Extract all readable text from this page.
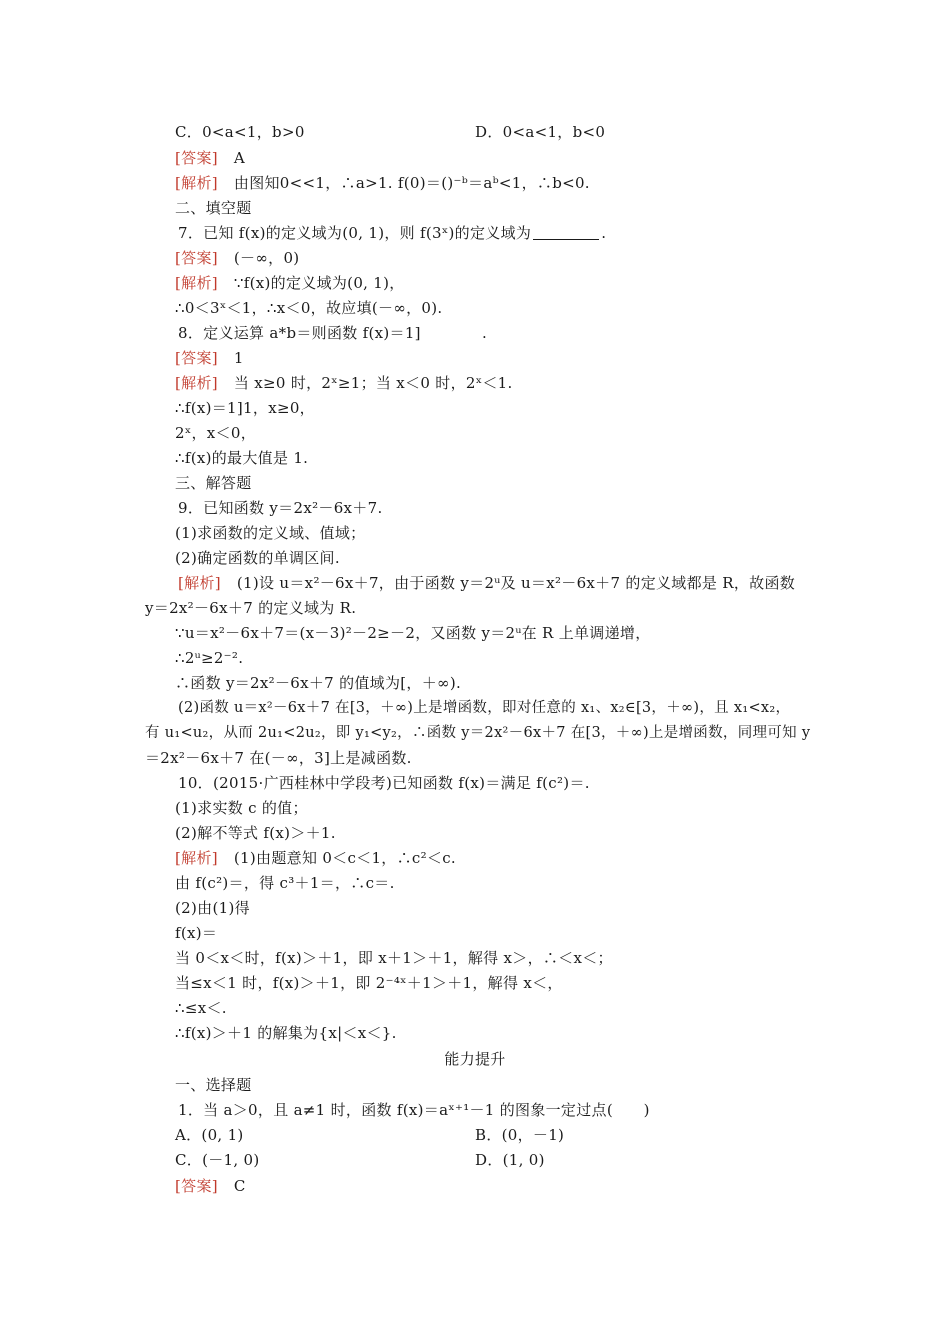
C．0<a<1，b>0	D．0<a<1，b<0
[答案] A
[解析] 由图知0<<1，∴a>1. f(0)＝()⁻ᵇ＝aᵇ<1，∴b<0.
二、填空题
7．已知 f(x)的定义域为(0, 1)，则 f(3ˣ)的定义域为	.
[答案] (－∞，0)
[解析] ∵f(x)的定义域为(0, 1)，
∴0＜3ˣ＜1，∴x＜0，故应填(－∞，0).
8．定义运算 a*b＝则函数 f(x)＝1]　　　　.
[答案] 1
[解析] 当 x≥0 时，2ˣ≥1；当 x＜0 时，2ˣ＜1.
∴f(x)＝1]1，x≥0，
2ˣ，x＜0，
∴f(x)的最大值是 1.
三、解答题
9．已知函数 y＝2x²－6x＋7.
(1)求函数的定义域、值域；
(2)确定函数的单调区间.
[解析] (1)设 u＝x²－6x＋7，由于函数 y＝2ᵘ及 u＝x²－6x＋7 的定义域都是 R，故函数
y＝2x²－6x＋7 的定义域为 R.
∵u＝x²－6x＋7＝(x－3)²－2≥－2，又函数 y＝2ᵘ在 R 上单调递增，
∴2ᵘ≥2⁻².
∴函数 y＝2x²－6x＋7 的值域为[，＋∞).
(2)函数 u＝x²－6x＋7 在[3，＋∞)上是增函数，即对任意的 x₁、x₂∈[3，＋∞)，且 x₁<x₂，
有 u₁<u₂，从而 2u₁<2u₂，即 y₁<y₂，∴函数 y＝2x²－6x＋7 在[3，＋∞)上是增函数，同理可知 y
＝2x²－6x＋7 在(－∞，3]上是减函数.
10．(2015·广西桂林中学段考)已知函数 f(x)＝满足 f(c²)＝.
(1)求实数 c 的值；
(2)解不等式 f(x)＞＋1.
[解析] (1)由题意知 0＜c＜1，∴c²＜c.
由 f(c²)＝，得 c³＋1＝，∴c＝.
(2)由(1)得
f(x)＝
当 0＜x＜时，f(x)＞＋1，即 x＋1＞＋1，解得 x＞，∴＜x＜；
当≤x＜1 时，f(x)＞＋1，即 2⁻⁴ˣ＋1＞＋1，解得 x＜，
∴≤x＜.
∴f(x)＞＋1 的解集为{x|＜x＜}.
能力提升
一、选择题
1．当 a＞0，且 a≠1 时，函数 f(x)＝aˣ⁺¹－1 的图象一定过点(　　)
A．(0, 1)	B．(0，－1)
C．(－1, 0)	D．(1, 0)
[答案] C
